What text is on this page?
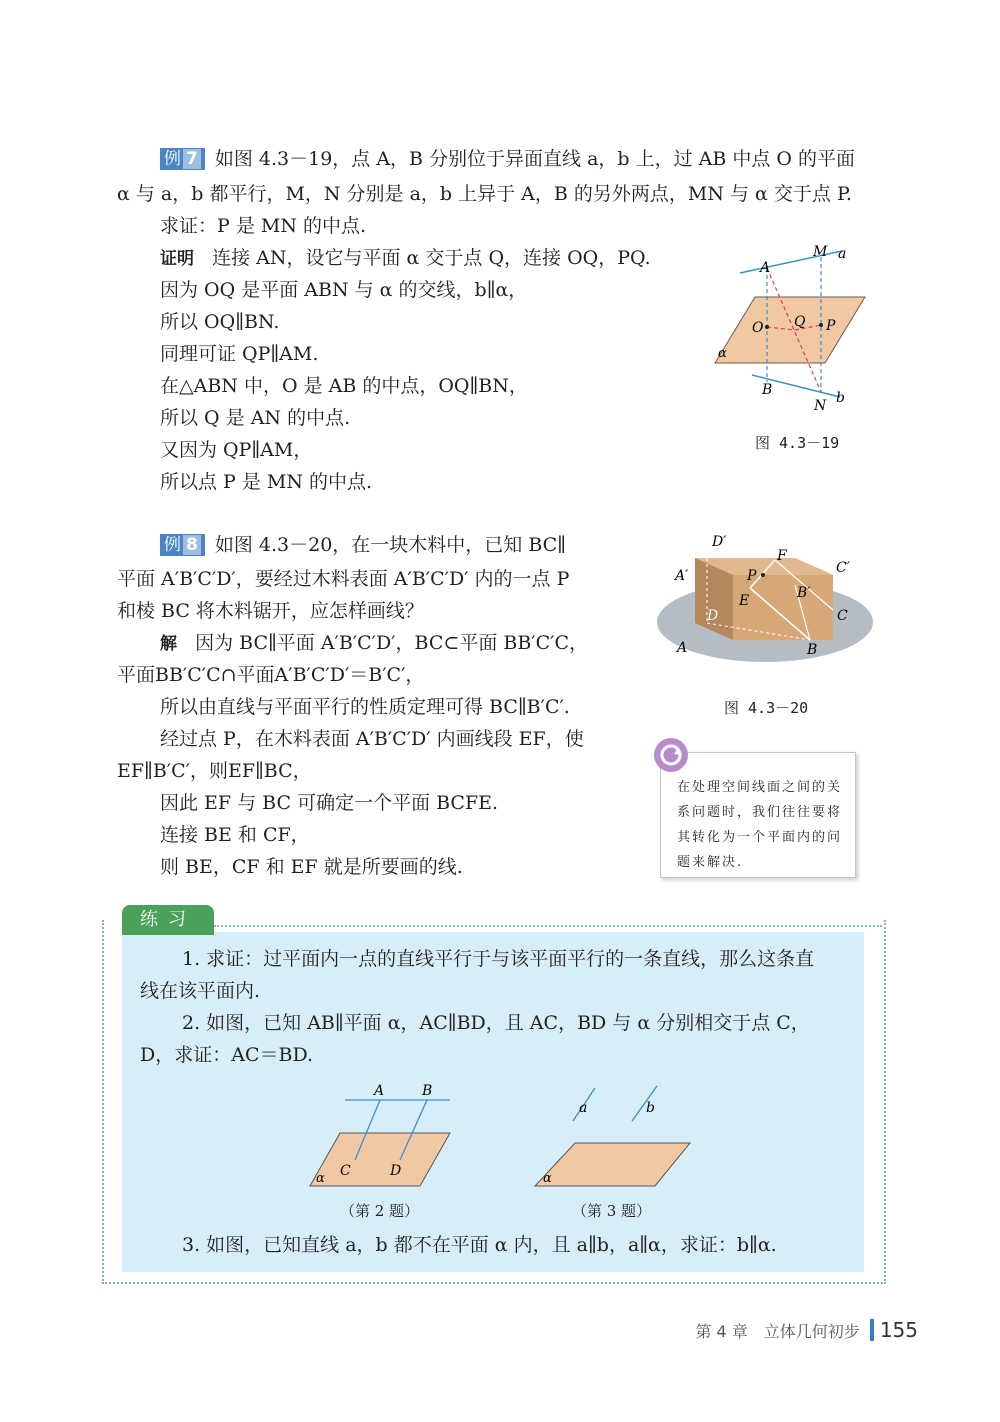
例 7 如图 4.3－19，点 A，B 分别位于异面直线 a，b 上，过 AB 中点 O 的平面
α 与 a，b 都平行，M，N 分别是 a，b 上异于 A，B 的另外两点，MN 与 α 交于点 P.
求证：P 是 MN 的中点.
证明 连接 AN，设它与平面 α 交于点 Q，连接 OQ，PQ.
因为 OQ 是平面 ABN 与 α 的交线，b∥α，
所以 OQ∥BN.
同理可证 QP∥AM.
在△ABN 中，O 是 AB 的中点，OQ∥BN，
所以 Q 是 AN 的中点.
又因为 QP∥AM，
所以点 P 是 MN 的中点.
A
M a
O Q P
α
B
N b
图 4.3－19
例 8 如图 4.3－20，在一块木料中，已知 BC∥
平面 A′B′C′D′，要经过木料表面 A′B′C′D′ 内的一点 P
和棱 BC 将木料锯开，应怎样画线？
解 因为 BC∥平面 A′B′C′D′，BC⊂平面 BB′C′C，
平面BB′C′C∩平面A′B′C′D′＝B′C′，
所以由直线与平面平行的性质定理可得 BC∥B′C′.
经过点 P，在木料表面 A′B′C′D′ 内画线段 EF，使
EF∥B′C′，则EF∥BC，
因此 EF 与 BC 可确定一个平面 BCFE.
连接 BE 和 CF，
则 BE，CF 和 EF 就是所要画的线.
D′
F
A′	P	C′
E	B′
D	C
A	B
图 4.3－20
在处理空间线面之间的关系问题时，我们往往要将其转化为一个平面内的问题来解决.
练习
1. 求证：过平面内一点的直线平行于与该平面平行的一条直线，那么这条直
线在该平面内.
2. 如图，已知 AB∥平面 α，AC∥BD，且 AC，BD 与 α 分别相交于点 C，
D，求证：AC＝BD.
A	B
C	D
α
（第 2 题）
a	b
α
（第 3 题）
3. 如图，已知直线 a，b 都不在平面 α 内，且 a∥b，a∥α，求证：b∥α.
第 4 章　立体几何初步 155
